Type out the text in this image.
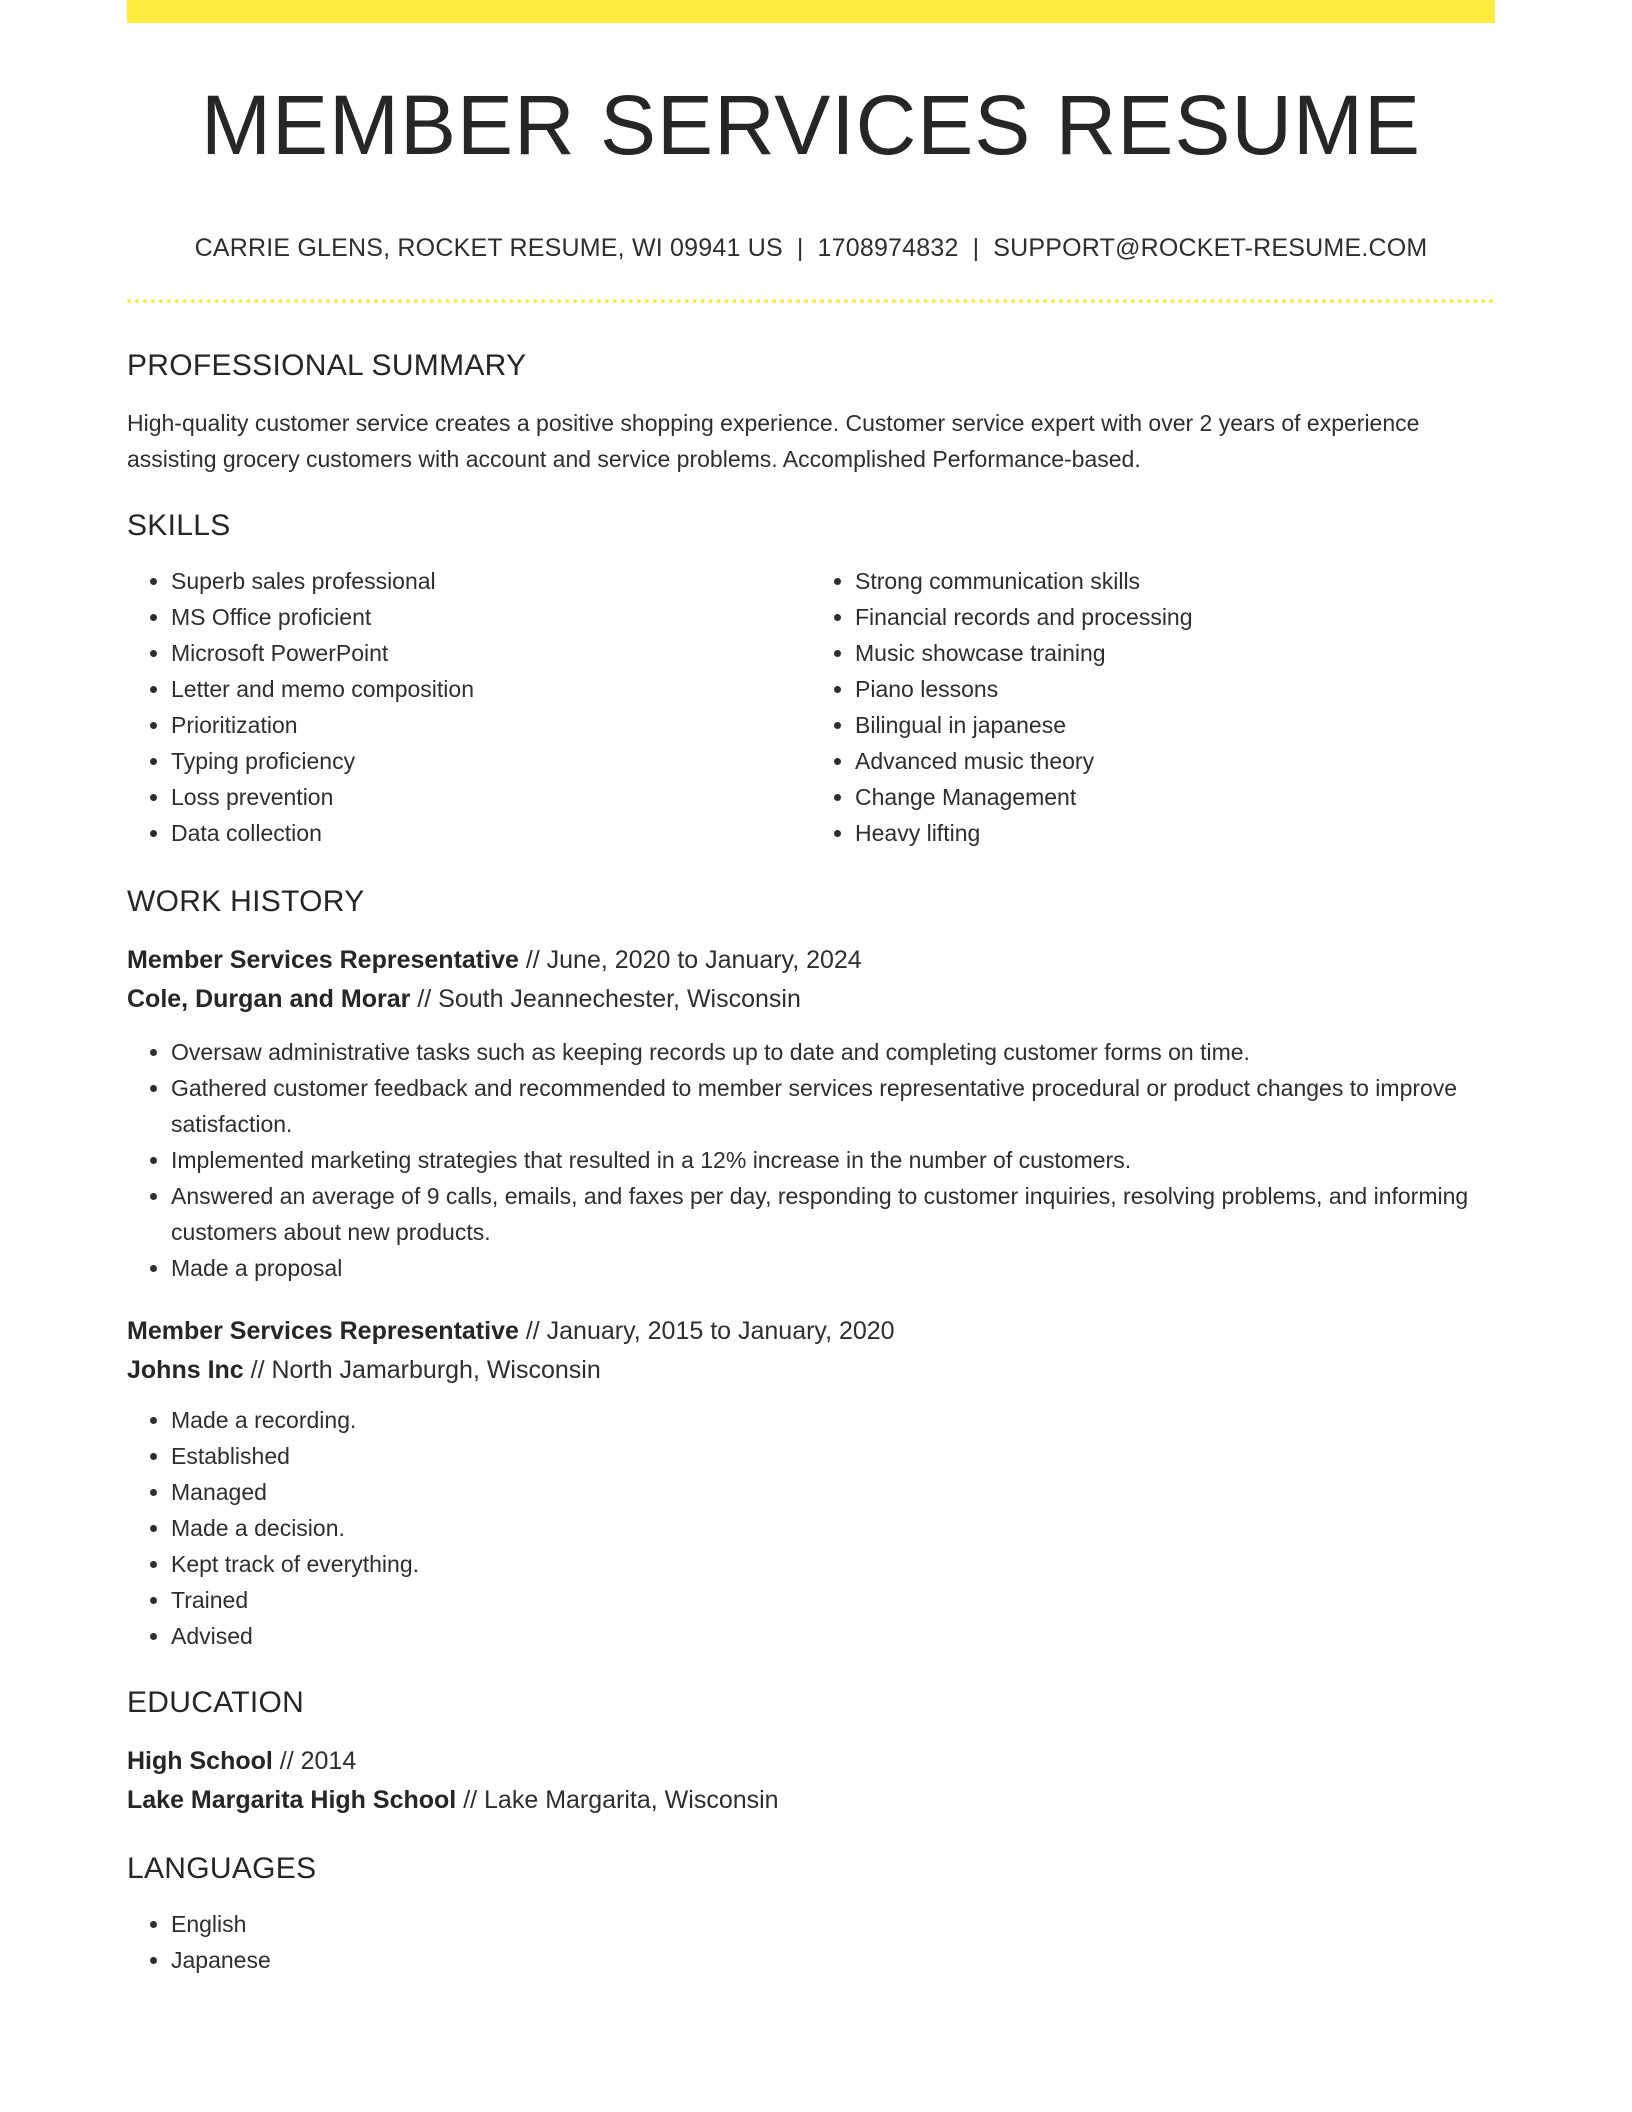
MEMBER SERVICES RESUME
CARRIE GLENS, ROCKET RESUME, WI 09941 US | 1708974832 | SUPPORT@ROCKET-RESUME.COM
PROFESSIONAL SUMMARY
High-quality customer service creates a positive shopping experience. Customer service expert with over 2 years of experience assisting grocery customers with account and service problems. Accomplished Performance-based.
SKILLS
• Superb sales professional
• MS Office proficient
• Microsoft PowerPoint
• Letter and memo composition
• Prioritization
• Typing proficiency
• Loss prevention
• Data collection
• Strong communication skills
• Financial records and processing
• Music showcase training
• Piano lessons
• Bilingual in japanese
• Advanced music theory
• Change Management
• Heavy lifting
WORK HISTORY
Member Services Representative // June, 2020 to January, 2024
Cole, Durgan and Morar // South Jeannechester, Wisconsin
• Oversaw administrative tasks such as keeping records up to date and completing customer forms on time.
• Gathered customer feedback and recommended to member services representative procedural or product changes to improve satisfaction.
• Implemented marketing strategies that resulted in a 12% increase in the number of customers.
• Answered an average of 9 calls, emails, and faxes per day, responding to customer inquiries, resolving problems, and informing customers about new products.
• Made a proposal
Member Services Representative // January, 2015 to January, 2020
Johns Inc // North Jamarburgh, Wisconsin
• Made a recording.
• Established
• Managed
• Made a decision.
• Kept track of everything.
• Trained
• Advised
EDUCATION
High School // 2014
Lake Margarita High School // Lake Margarita, Wisconsin
LANGUAGES
• English
• Japanese
